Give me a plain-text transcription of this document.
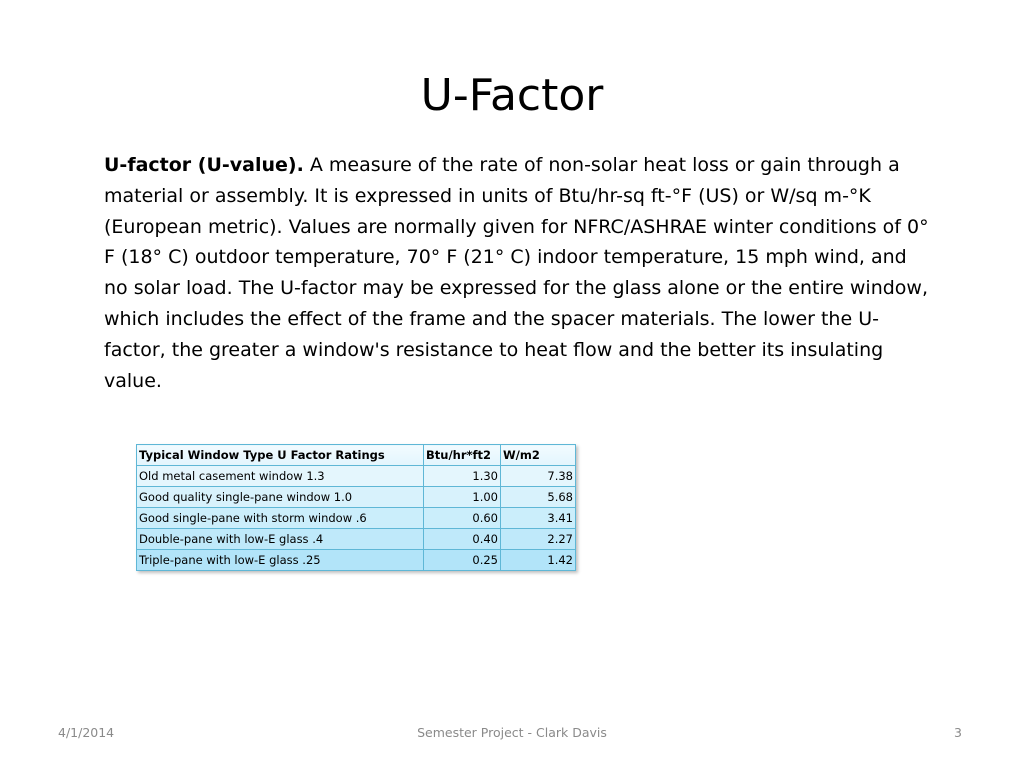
U-Factor

U-factor (U-value). A measure of the rate of non-solar heat loss or gain through a material or assembly. It is expressed in units of Btu/hr-sq ft-°F (US) or W/sq m-°K (European metric). Values are normally given for NFRC/ASHRAE winter conditions of 0° F (18° C) outdoor temperature, 70° F (21° C) indoor temperature, 15 mph wind, and no solar load. The U-factor may be expressed for the glass alone or the entire window, which includes the effect of the frame and the spacer materials. The lower the U-factor, the greater a window's resistance to heat flow and the better its insulating value.

Typical Window Type U Factor Ratings	Btu/hr*ft2	W/m2
Old metal casement window 1.3	1.30	7.38
Good quality single-pane window 1.0	1.00	5.68
Good single-pane with storm window .6	0.60	3.41
Double-pane with low-E glass .4	0.40	2.27
Triple-pane with low-E glass .25	0.25	1.42
4/1/2014	Semester Project - Clark Davis	3
